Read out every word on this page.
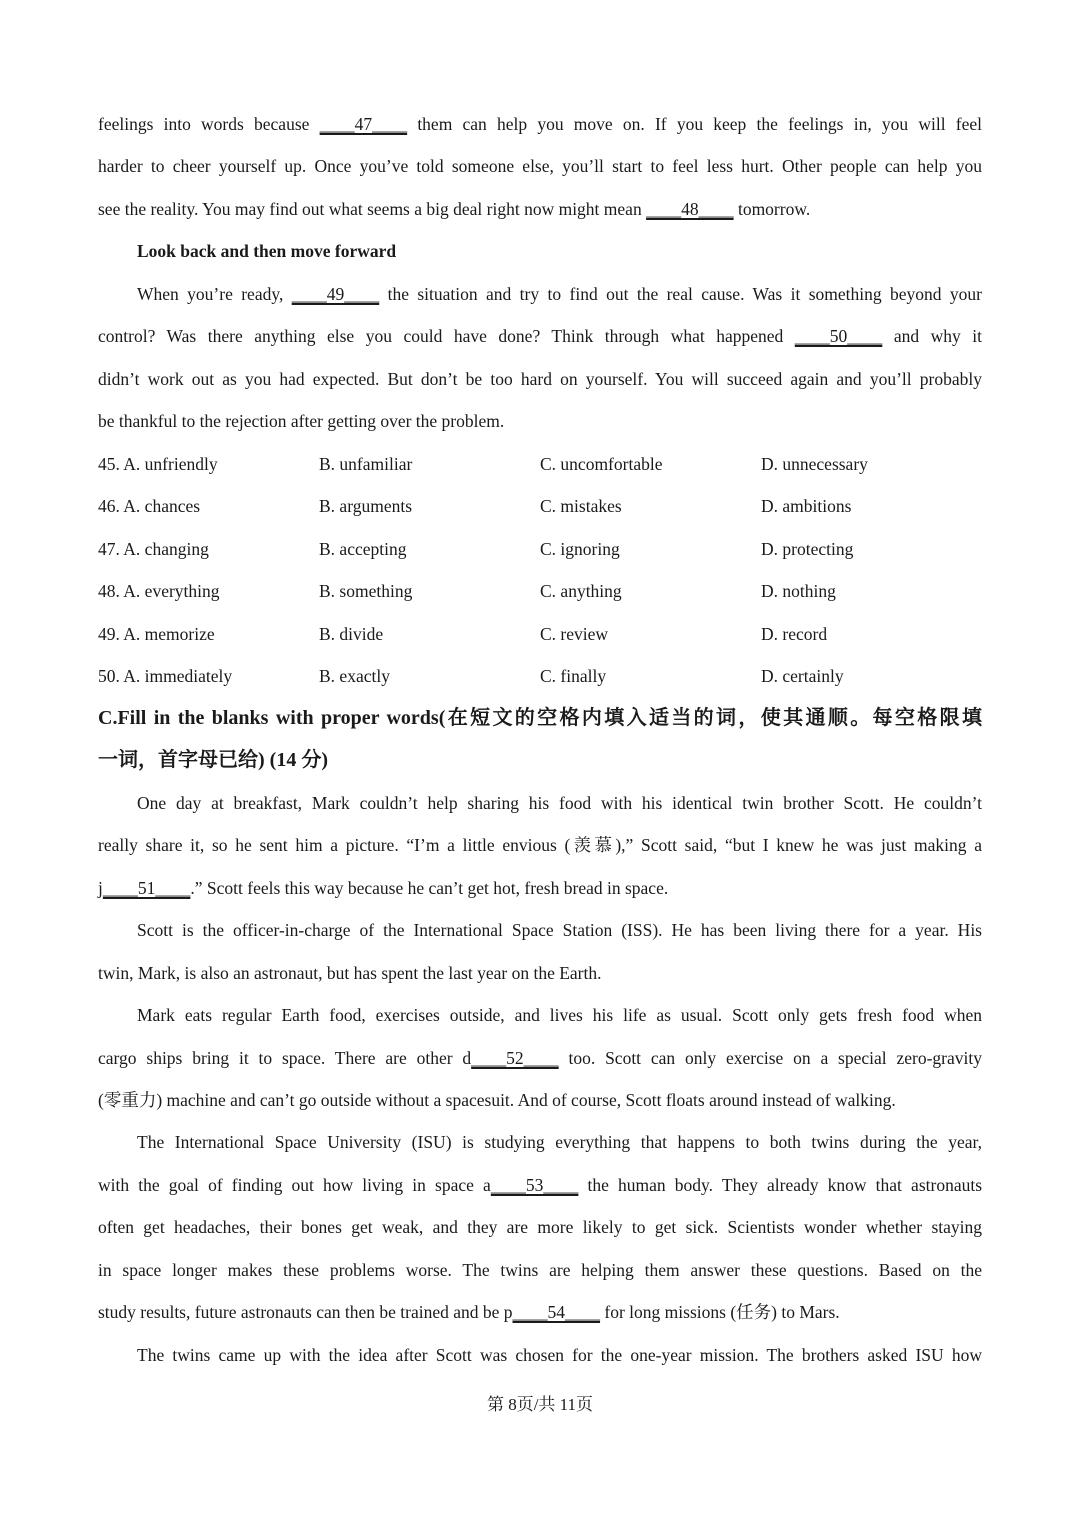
feelings into words because ____47____ them can help you move on. If you keep the feelings in, you will feel
harder to cheer yourself up. Once you’ve told someone else, you’ll start to feel less hurt. Other people can help you
see the reality. You may find out what seems a big deal right now might mean ____48____ tomorrow.
Look back and then move forward
When you’re ready, ____49____ the situation and try to find out the real cause. Was it something beyond your
control? Was there anything else you could have done? Think through what happened ____50____ and why it
didn’t work out as you had expected. But don’t be too hard on yourself. You will succeed again and you’ll probably
be thankful to the rejection after getting over the problem.
45. A. unfriendly	B. unfamiliar	C. uncomfortable	D. unnecessary
46. A. chances	B. arguments	C. mistakes	D. ambitions
47. A. changing	B. accepting	C. ignoring	D. protecting
48. A. everything	B. something	C. anything	D. nothing
49. A. memorize	B. divide	C. review	D. record
50. A. immediately	B. exactly	C. finally	D. certainly
C.Fill in the blanks with proper words(在短文的空格内填入适当的词，使其通顺。每空格限填
一词，首字母已给) (14 分)
One day at breakfast, Mark couldn’t help sharing his food with his identical twin brother Scott. He couldn’t
really share it, so he sent him a picture. “I’m a little envious (羡慕),” Scott said, “but I knew he was just making a
j____51____.” Scott feels this way because he can’t get hot, fresh bread in space.
Scott is the officer-in-charge of the International Space Station (ISS). He has been living there for a year. His
twin, Mark, is also an astronaut, but has spent the last year on the Earth.
Mark eats regular Earth food, exercises outside, and lives his life as usual. Scott only gets fresh food when
cargo ships bring it to space. There are other d____52____ too. Scott can only exercise on a special zero-gravity
(零重力) machine and can’t go outside without a spacesuit. And of course, Scott floats around instead of walking.
The International Space University (ISU) is studying everything that happens to both twins during the year,
with the goal of finding out how living in space a____53____ the human body. They already know that astronauts
often get headaches, their bones get weak, and they are more likely to get sick. Scientists wonder whether staying
in space longer makes these problems worse. The twins are helping them answer these questions. Based on the
study results, future astronauts can then be trained and be p____54____ for long missions (任务) to Mars.
The twins came up with the idea after Scott was chosen for the one-year mission. The brothers asked ISU how
第 8页/共 11页
